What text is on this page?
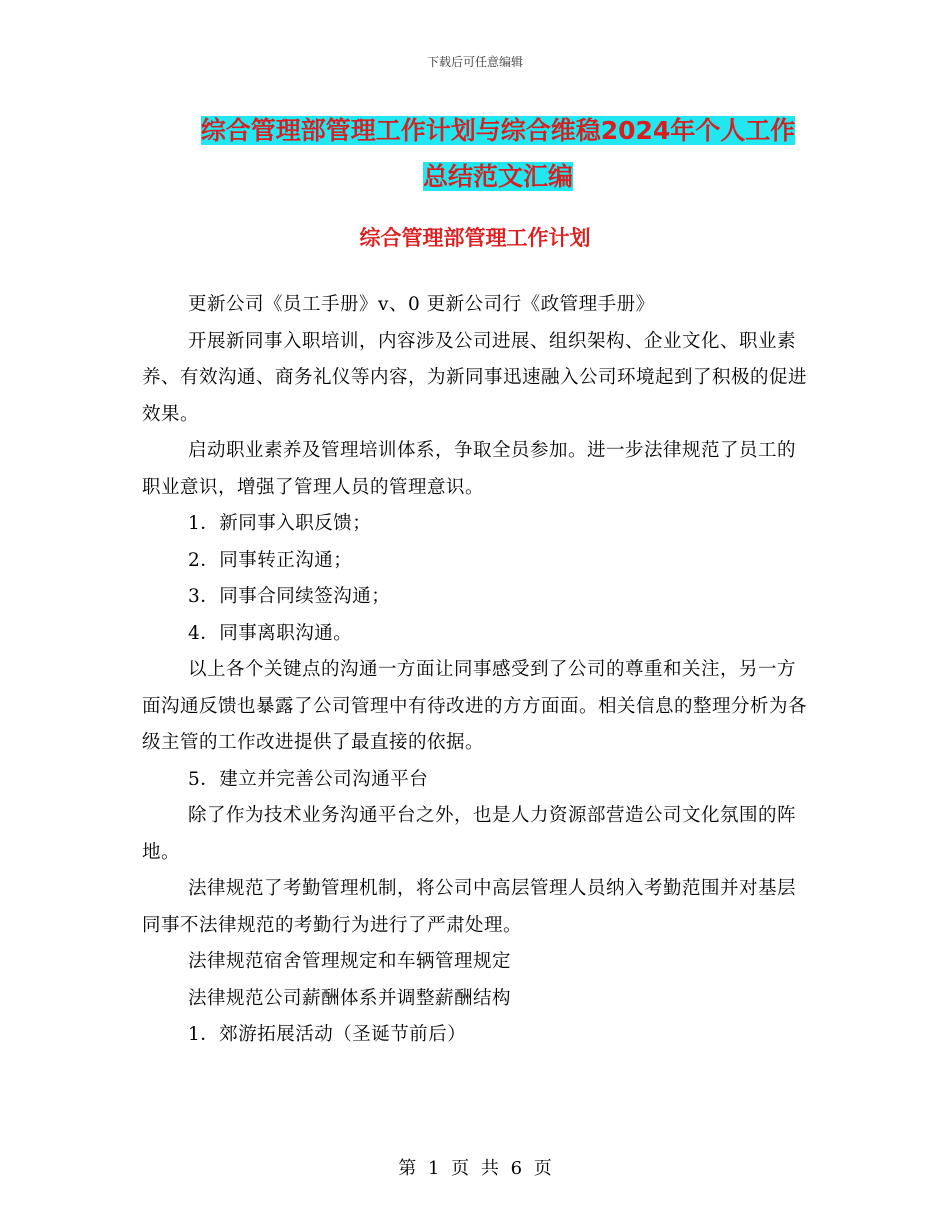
下载后可任意编辑
综合管理部管理工作计划与综合维稳2024年个人工作
总结范文汇编
综合管理部管理工作计划

更新公司《员工手册》v、0 更新公司行《政管理手册》

开展新同事入职培训，内容涉及公司进展、组织架构、企业文化、职业素养、有效沟通、商务礼仪等内容，为新同事迅速融入公司环境起到了积极的促进效果。

启动职业素养及管理培训体系，争取全员参加。进一步法律规范了员工的职业意识，增强了管理人员的管理意识。

1．新同事入职反馈；

2．同事转正沟通；

3．同事合同续签沟通；

4．同事离职沟通。

以上各个关键点的沟通一方面让同事感受到了公司的尊重和关注，另一方面沟通反馈也暴露了公司管理中有待改进的方方面面。相关信息的整理分析为各级主管的工作改进提供了最直接的依据。

5．建立并完善公司沟通平台

除了作为技术业务沟通平台之外，也是人力资源部营造公司文化氛围的阵地。

法律规范了考勤管理机制，将公司中高层管理人员纳入考勤范围并对基层同事不法律规范的考勤行为进行了严肃处理。

法律规范宿舍管理规定和车辆管理规定

法律规范公司薪酬体系并调整薪酬结构

1．郊游拓展活动（圣诞节前后）

第 1 页 共 6 页
